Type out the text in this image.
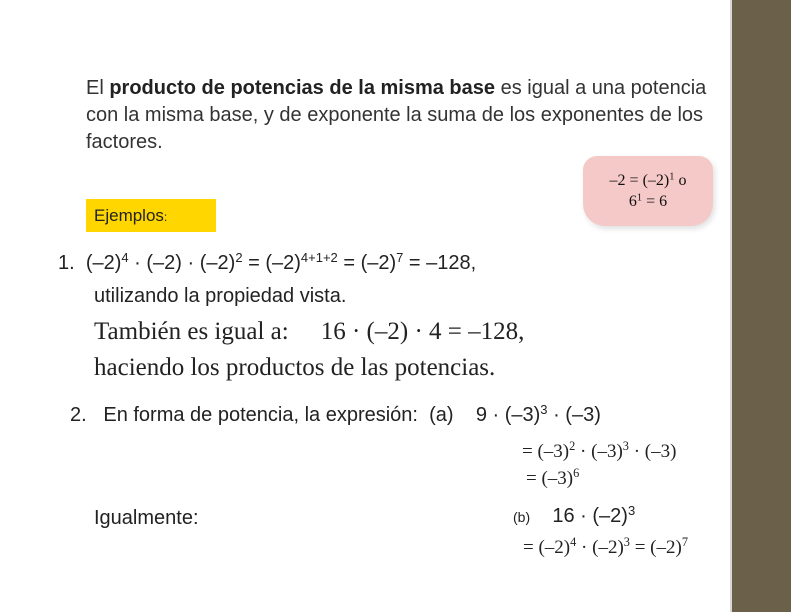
El producto de potencias de la misma base es igual a una potencia con la misma base, y de exponente la suma de los exponentes de los factores.
$-2 = (-2)^1$ o
$6^1 = 6$
Ejemplos:
1. $(-2)^4 \cdot (-2) \cdot (-2)^2 = (-2)^{4+1+2} = (-2)^7 = -128$,
utilizando la propiedad vista.
También es igual a: 16 · (–2) · 4 = –128,
haciendo los productos de las potencias.
2. En forma de potencia, la expresión: (a) $9 \cdot (-3)^3 \cdot (-3)$
= $(-3)^2 \cdot (-3)^3 \cdot (-3)$
= $(-3)^6$
Igualmente:	(b) $16 \cdot (-2)^3$
= $(-2)^4 \cdot (-2)^3 = (-2)^7$
